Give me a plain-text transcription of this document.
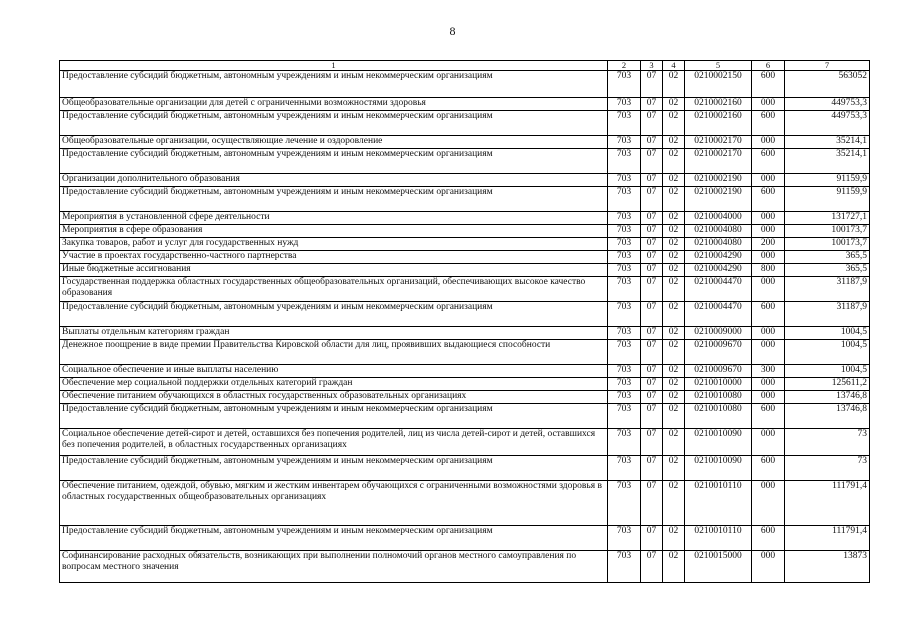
8
1	2	3	4	5	6	7
Предоставление субсидий бюджетным, автономным учреждениям и иным некоммерческим организациям	703	07	02	0210002150	600	563052
Общеобразовательные организации для детей с ограниченными возможностями здоровья	703	07	02	0210002160	000	449753,3
Предоставление субсидий бюджетным, автономным учреждениям и иным некоммерческим организациям	703	07	02	0210002160	600	449753,3
Общеобразовательные организации, осуществляющие лечение и оздоровление	703	07	02	0210002170	000	35214,1
Предоставление субсидий бюджетным, автономным учреждениям и иным некоммерческим организациям	703	07	02	0210002170	600	35214,1
Организации дополнительного образования	703	07	02	0210002190	000	91159,9
Предоставление субсидий бюджетным, автономным учреждениям и иным некоммерческим организациям	703	07	02	0210002190	600	91159,9
Мероприятия в установленной сфере деятельности	703	07	02	0210004000	000	131727,1
Мероприятия в сфере образования	703	07	02	0210004080	000	100173,7
Закупка товаров, работ и услуг для государственных нужд	703	07	02	0210004080	200	100173,7
Участие в проектах государственно-частного партнерства	703	07	02	0210004290	000	365,5
Иные бюджетные ассигнования	703	07	02	0210004290	800	365,5
Государственная поддержка областных государственных общеобразовательных организаций, обеспечивающих высокое качество образования	703	07	02	0210004470	000	31187,9
Предоставление субсидий бюджетным, автономным учреждениям и иным некоммерческим организациям	703	07	02	0210004470	600	31187,9
Выплаты отдельным категориям граждан	703	07	02	0210009000	000	1004,5
Денежное поощрение в виде премии Правительства Кировской области для лиц, проявивших выдающиеся способности	703	07	02	0210009670	000	1004,5
Социальное обеспечение и иные выплаты населению	703	07	02	0210009670	300	1004,5
Обеспечение мер социальной поддержки отдельных категорий граждан	703	07	02	0210010000	000	125611,2
Обеспечение питанием обучающихся в областных государственных образовательных организациях	703	07	02	0210010080	000	13746,8
Предоставление субсидий бюджетным, автономным учреждениям и иным некоммерческим организациям	703	07	02	0210010080	600	13746,8
Социальное обеспечение детей-сирот и детей, оставшихся без попечения родителей, лиц из числа детей-сирот и детей, оставшихся без попечения родителей, в областных государственных организациях	703	07	02	0210010090	000	73
Предоставление субсидий бюджетным, автономным учреждениям и иным некоммерческим организациям	703	07	02	0210010090	600	73
Обеспечение питанием, одеждой, обувью, мягким и жестким инвентарем обучающихся с ограниченными возможностями здоровья в областных государственных общеобразовательных организациях	703	07	02	0210010110	000	111791,4
Предоставление субсидий бюджетным, автономным учреждениям и иным некоммерческим организациям	703	07	02	0210010110	600	111791,4
Софинансирование расходных обязательств, возникающих при выполнении полномочий органов местного самоуправления по вопросам местного значения	703	07	02	0210015000	000	13873
